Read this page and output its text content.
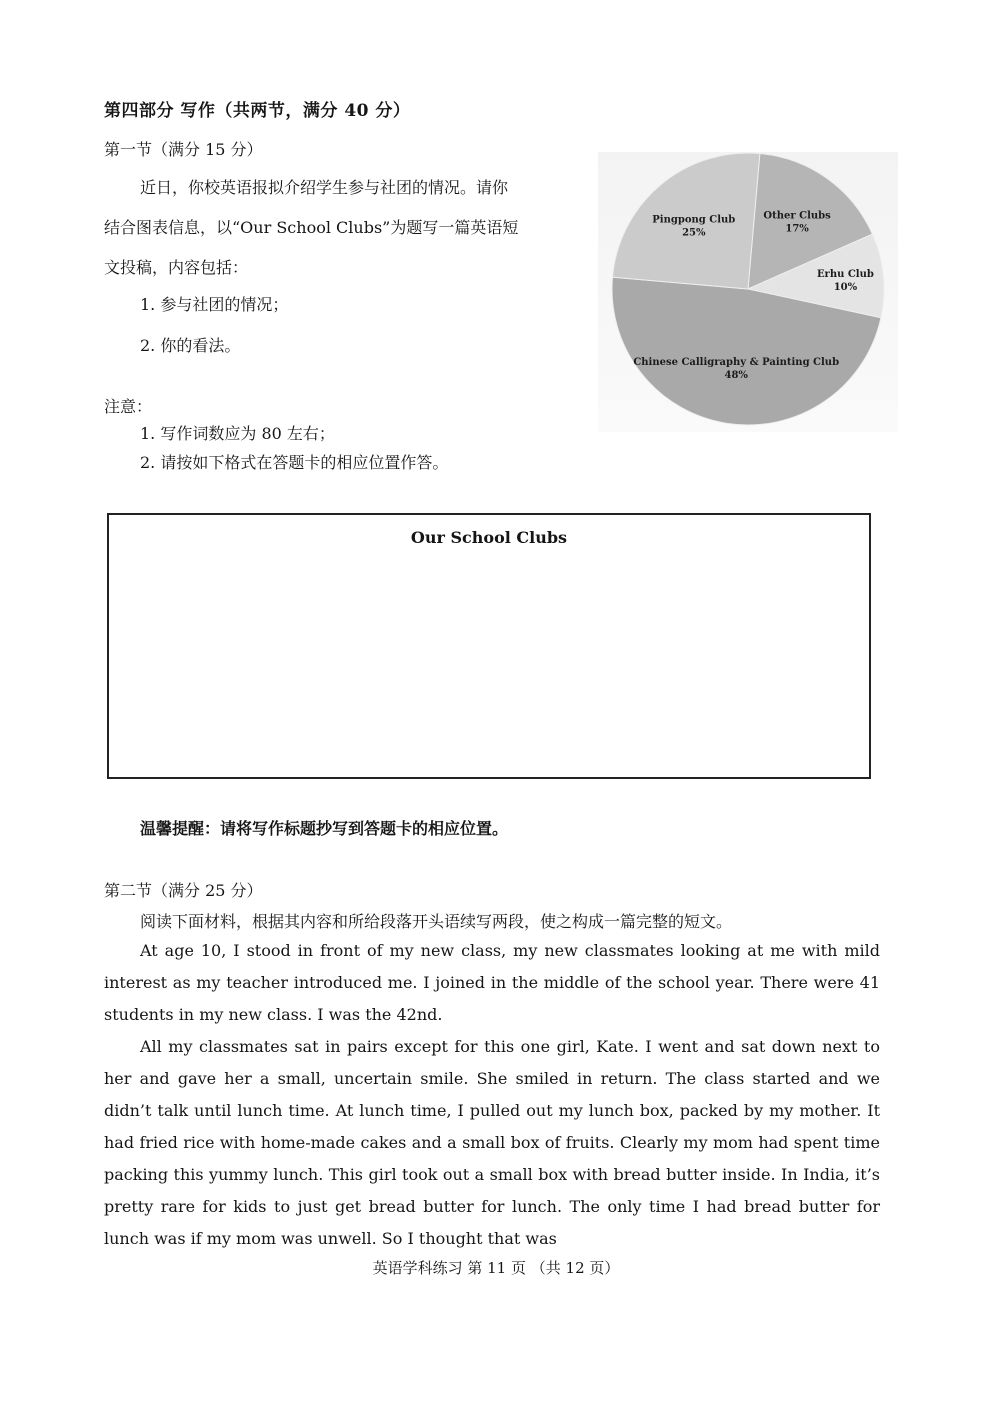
第四部分 写作（共两节，满分 40 分）
第一节（满分 15 分）

近日，你校英语报拟介绍学生参与社团的情况。请你

结合图表信息，以“Our School Clubs”为题写一篇英语短

文投稿，内容包括：

1. 参与社团的情况；
2. 你的看法。
注意：
1. 写作词数应为 80 左右；
2. 请按如下格式在答题卡的相应位置作答。
Other Clubs
17%
Erhu Club
10%
Chinese Calligraphy & Painting Club
48%
Pingpong Club
25%
Our School Clubs
温馨提醒：请将写作标题抄写到答题卡的相应位置。
第二节（满分 25 分）
阅读下面材料，根据其内容和所给段落开头语续写两段，使之构成一篇完整的短文。

At age 10, I stood in front of my new class, my new classmates looking at me with mild interest as my teacher introduced me. I joined in the middle of the school year. There were 41 students in my new class. I was the 42nd.

All my classmates sat in pairs except for this one girl, Kate. I went and sat down next to her and gave her a small, uncertain smile. She smiled in return. The class started and we didn’t talk until lunch time. At lunch time, I pulled out my lunch box, packed by my mother. It had fried rice with home-made cakes and a small box of fruits. Clearly my mom had spent time packing this yummy lunch. This girl took out a small box with bread butter inside. In India, it’s pretty rare for kids to just get bread butter for lunch. The only time I had bread butter for lunch was if my mom was unwell. So I thought that was

英语学科练习 第 11 页 （共 12 页）
